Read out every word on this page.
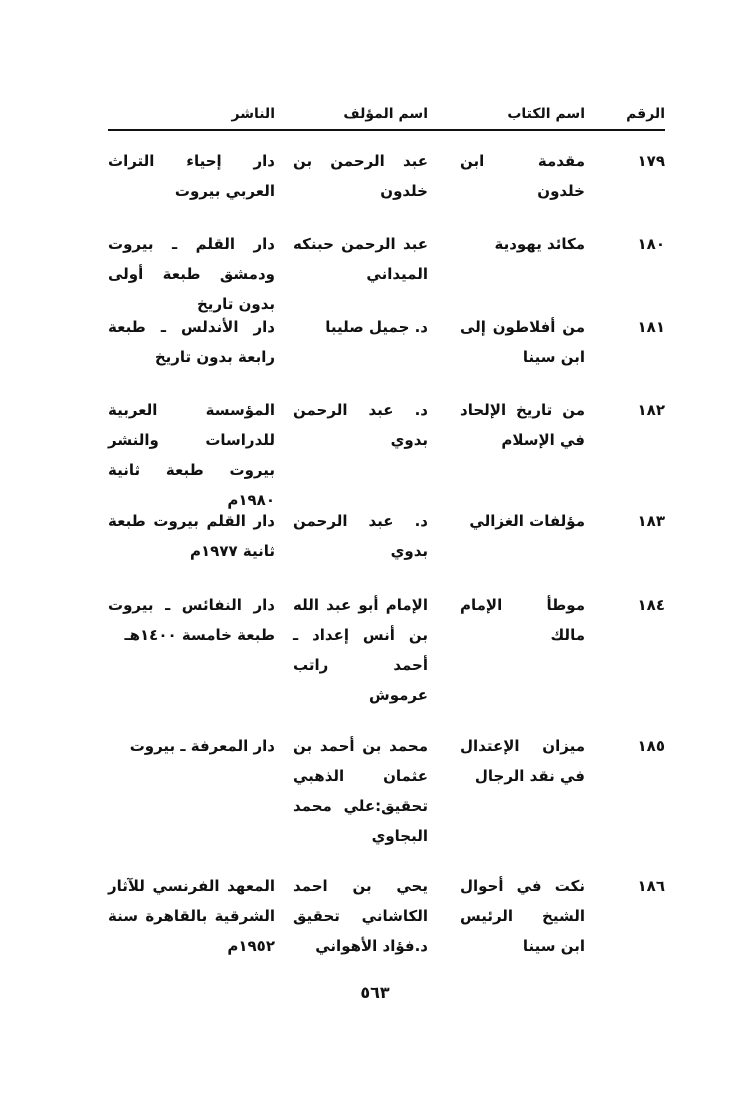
الرقم
اسم الكتاب
اسم المؤلف
الناشر
١٧٩
مقدمة ابن خلدون
عبد الرحمن بن خلدون
دار إحياء التراث العربي بيروت
١٨٠
مكائد يهودية
عبد الرحمن حبنكه الميداني
دار القلم ـ بيروت ودمشق طبعة أولى بدون تاريخ
١٨١
من أفلاطون إلى ابن سينا
د. جميل صليبا
دار الأندلس ـ طبعة رابعة بدون تاريخ
١٨٢
من تاريخ الإلحاد في الإسلام
د. عبد الرحمن بدوي
المؤسسة العربية للدراسات والنشر بيروت طبعة ثانية ١٩٨٠م
١٨٣
مؤلفات الغزالي
د. عبد الرحمن بدوي
دار القلم بيروت طبعة ثانية ١٩٧٧م
١٨٤
موطأ الإمام مالك
الإمام أبو عبد الله بن أنس إعداد ـ أحمد راتب عرموش
دار النفائس ـ بيروت طبعة خامسة ١٤٠٠هـ
١٨٥
ميزان الإعتدال في نقد الرجال
محمد بن أحمد بن عثمان الذهبي تحقيق:علي محمد البجاوي
دار المعرفة ـ بيروت
١٨٦
نكت في أحوال الشيخ الرئيس ابن سينا
يحي بن احمد الكاشاني تحقيق د.فؤاد الأهواني
المعهد الفرنسي للآثار الشرقية بالقاهرة سنة ١٩٥٢م
٥٦٣
